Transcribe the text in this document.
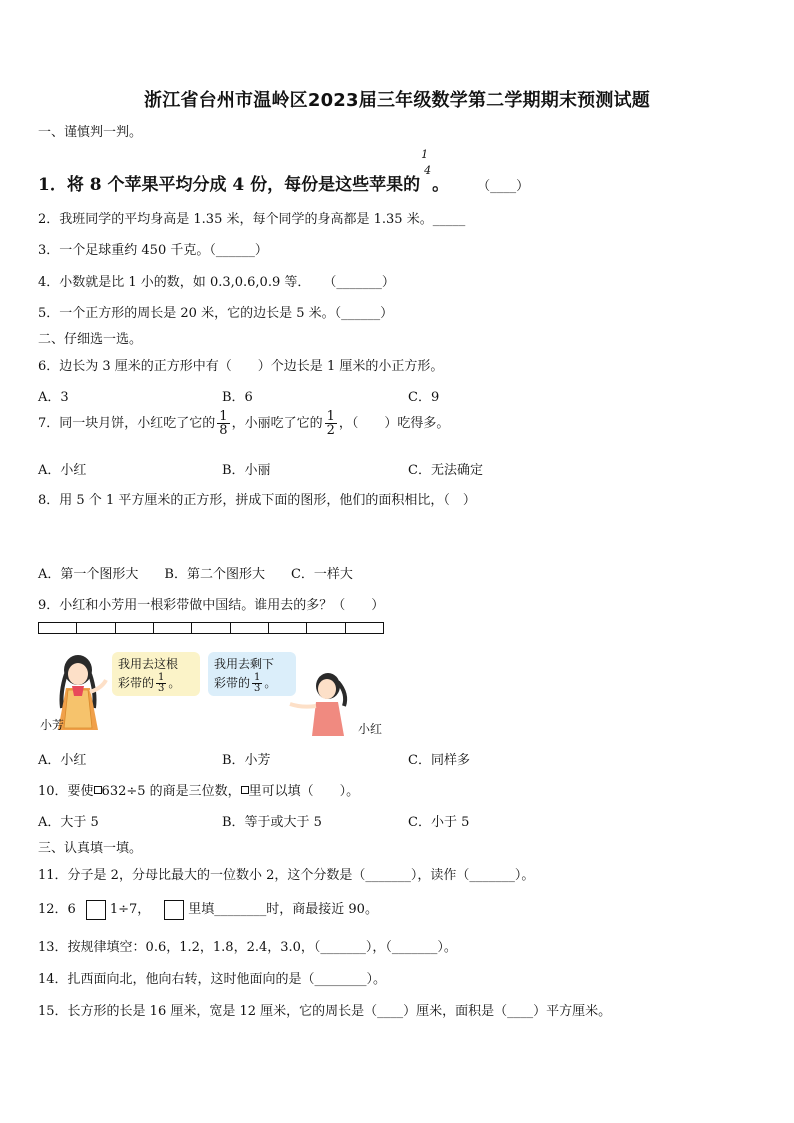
浙江省台州市温岭区2023届三年级数学第二学期期末预测试题
一、谨慎判一判。
1．将 8 个苹果平均分成 4 份，每份是这些苹果的
1
4
。 （____）
2．我班同学的平均身高是 1.35 米，每个同学的身高都是 1.35 米。_____
3．一个足球重约 450 千克。（______）
4．小数就是比 1 小的数，如 0.3,0.6,0.9 等．　　（_______）
5．一个正方形的周长是 20 米，它的边长是 5 米。（______）
二、仔细选一选。
6．边长为 3 厘米的正方形中有（　　）个边长是 1 厘米的小正方形。
A．3	B．6	C．9
7．同一块月饼，小红吃了它的 $\frac{1}{8}$ ，小丽吃了它的 $\frac{1}{2}$ ，（　　）吃得多。
A．小红	B．小丽	C．无法确定
8．用 5 个 1 平方厘米的正方形，拼成下面的图形，他们的面积相比，（　）
A．第一个图形大　　B．第二个图形大　　C．一样大
9．小红和小芳用一根彩带做中国结。谁用去的多？（　　）
小芳
我用去这根
彩带的 $\frac{1}{3}$ 。
我用去剩下
彩带的 $\frac{1}{3}$ 。
小红
A．小红	B．小芳	C．同样多
10．要使 632÷5 的商是三位数， 里可以填（　　）。
A．大于 5	B．等于或大于 5	C．小于 5
三、认真填一填。
11．分子是 2，分母比最大的一位数小 2，这个分数是（_______），读作（_______）。
12．6	1÷7，	里填________时，商最接近 90。
13．按规律填空：0.6，1.2，1.8，2.4，3.0，（_______），（_______）。
14．扎西面向北，他向右转，这时他面向的是（________）。
15．长方形的长是 16 厘米，宽是 12 厘米，它的周长是（____）厘米，面积是（____）平方厘米。
